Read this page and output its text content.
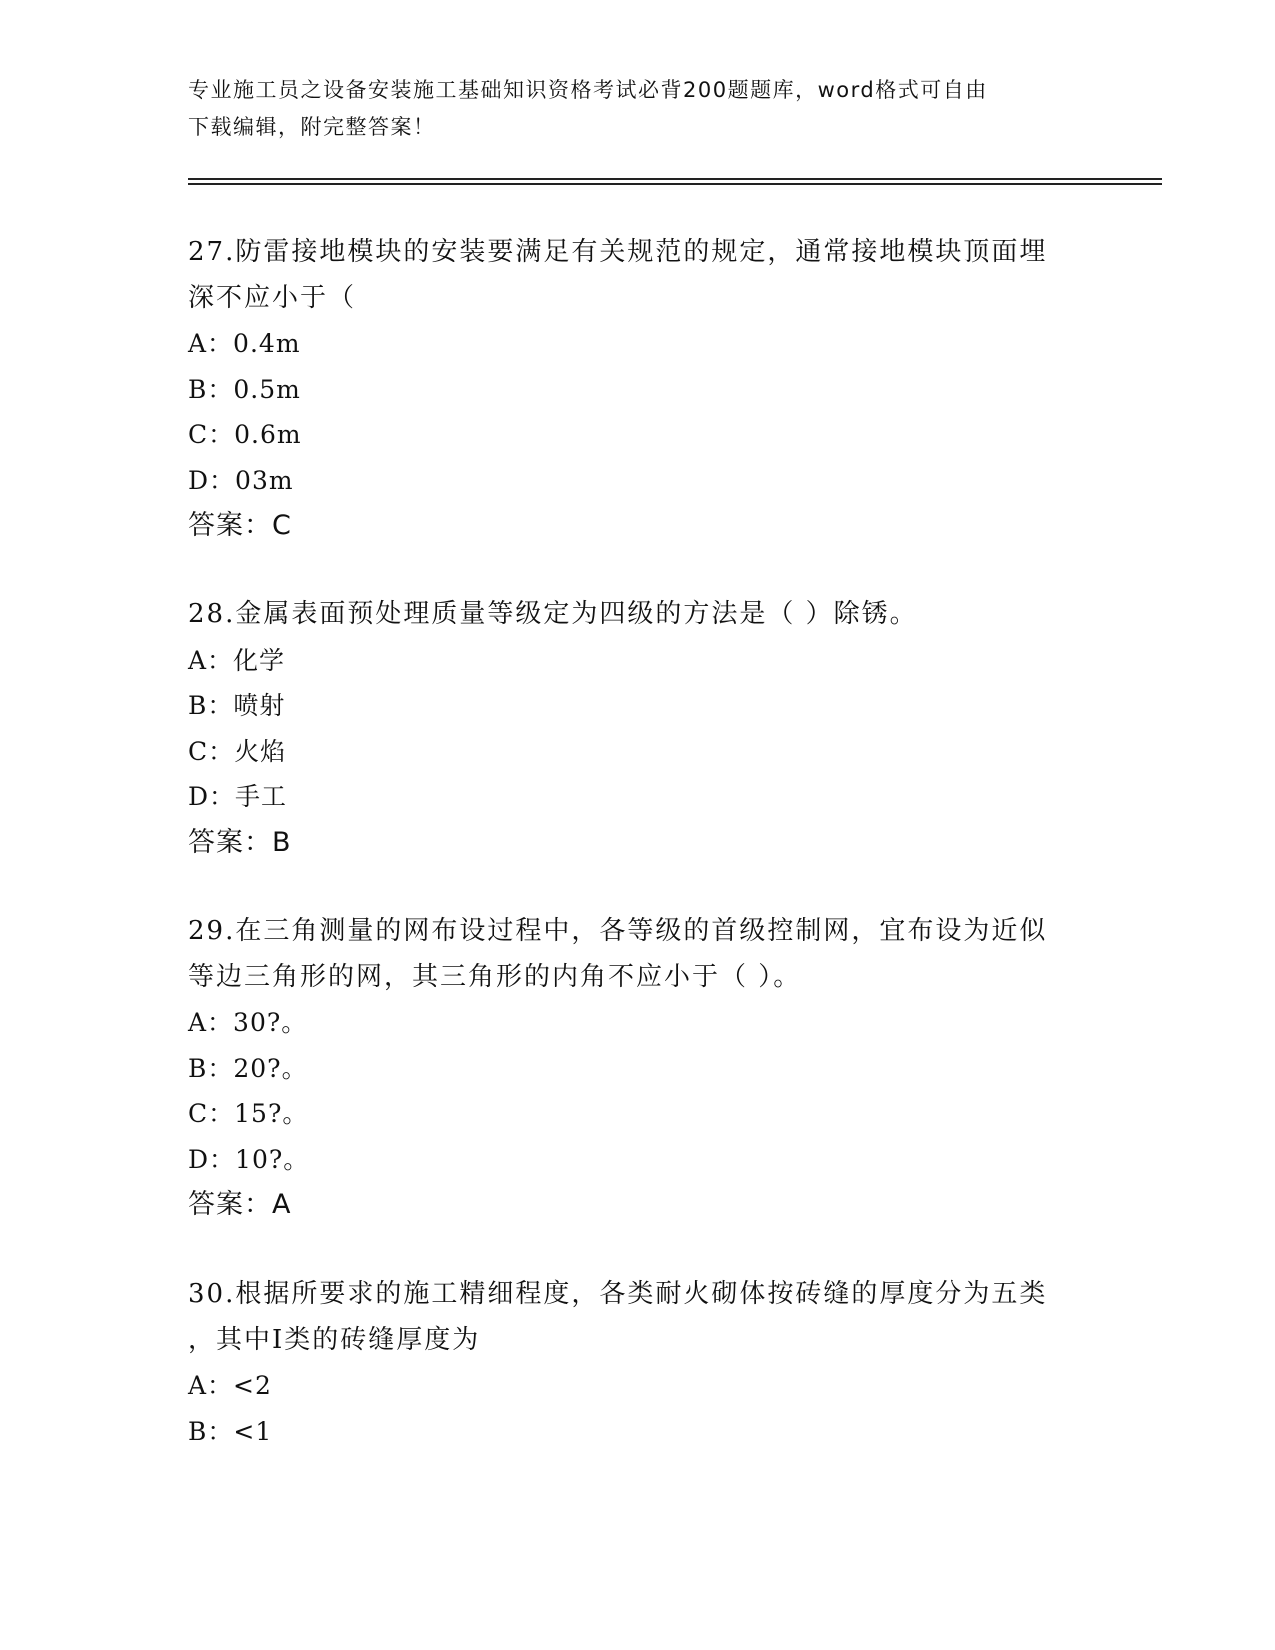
专业施工员之设备安装施工基础知识资格考试必背200题题库，word格式可自由
下载编辑，附完整答案！

27.防雷接地模块的安装要满足有关规范的规定，通常接地模块顶面埋

深不应小于（

A：0.4m

B：0.5m

C：0.6m

D：03m

答案：C

28.金属表面预处理质量等级定为四级的方法是（ ）除锈。

A：化学

B：喷射

C：火焰

D：手工

答案：B

29.在三角测量的网布设过程中，各等级的首级控制网，宜布设为近似

等边三角形的网，其三角形的内角不应小于（ ）。

A：30?。

B：20?。

C：15?。

D：10?。

答案：A

30.根据所要求的施工精细程度，各类耐火砌体按砖缝的厚度分为五类

，其中Ⅰ类的砖缝厚度为

A：<2

B：<1
